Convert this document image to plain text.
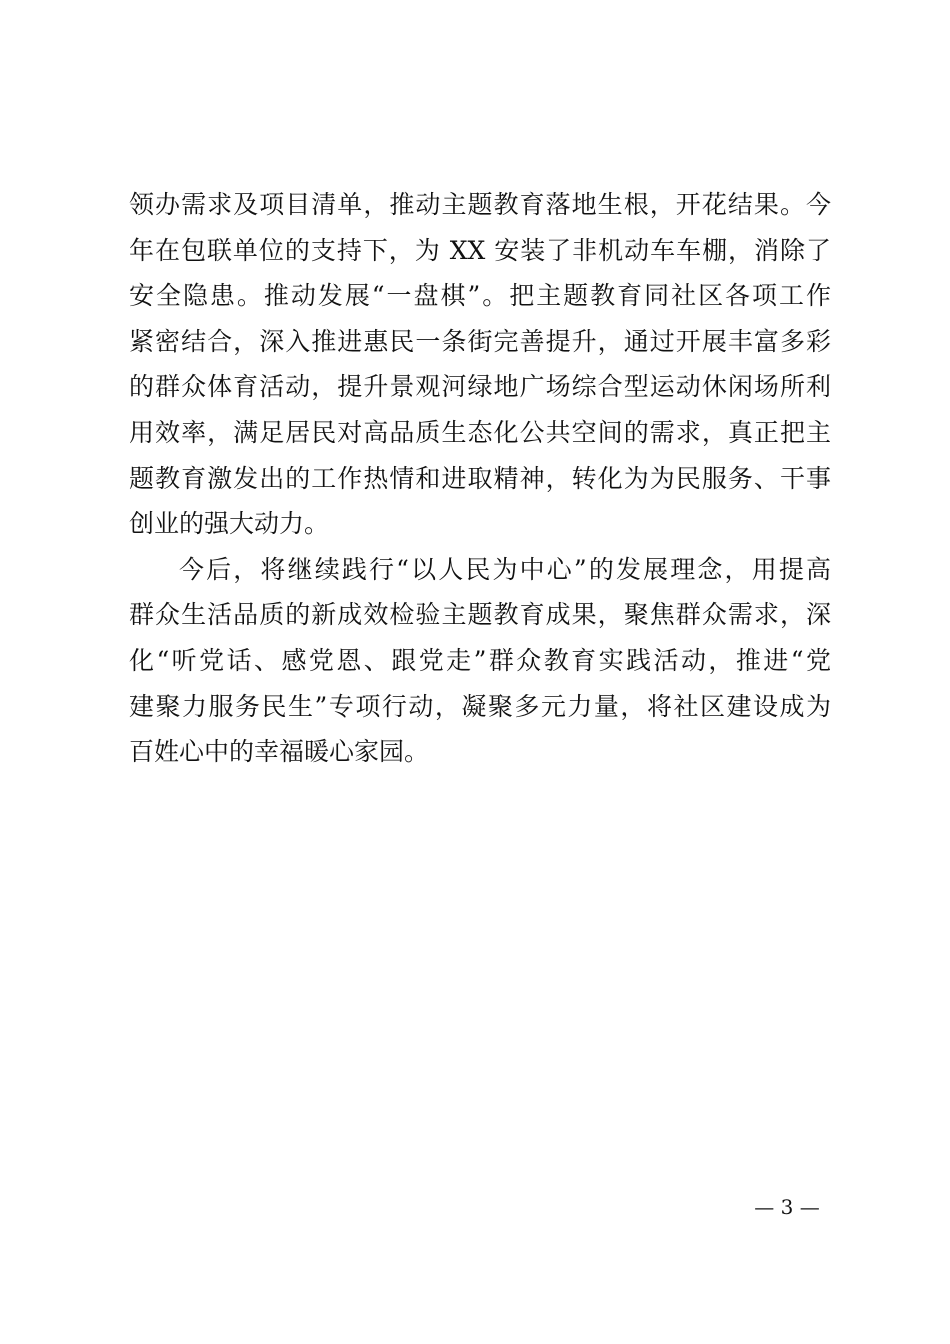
领办需求及项目清单，推动主题教育落地生根，开花结果。今
年在包联单位的支持下，为 XX 安装了非机动车车棚，消除了
安全隐患。推动发展“一盘棋”。把主题教育同社区各项工作
紧密结合，深入推进惠民一条街完善提升，通过开展丰富多彩
的群众体育活动，提升景观河绿地广场综合型运动休闲场所利
用效率，满足居民对高品质生态化公共空间的需求，真正把主
题教育激发出的工作热情和进取精神，转化为为民服务、干事
创业的强大动力。
今后，将继续践行“以人民为中心”的发展理念，用提高
群众生活品质的新成效检验主题教育成果，聚焦群众需求，深
化“听党话、感党恩、跟党走”群众教育实践活动，推进“党
建聚力服务民生”专项行动，凝聚多元力量，将社区建设成为
百姓心中的幸福暖心家园。
— 3 —
